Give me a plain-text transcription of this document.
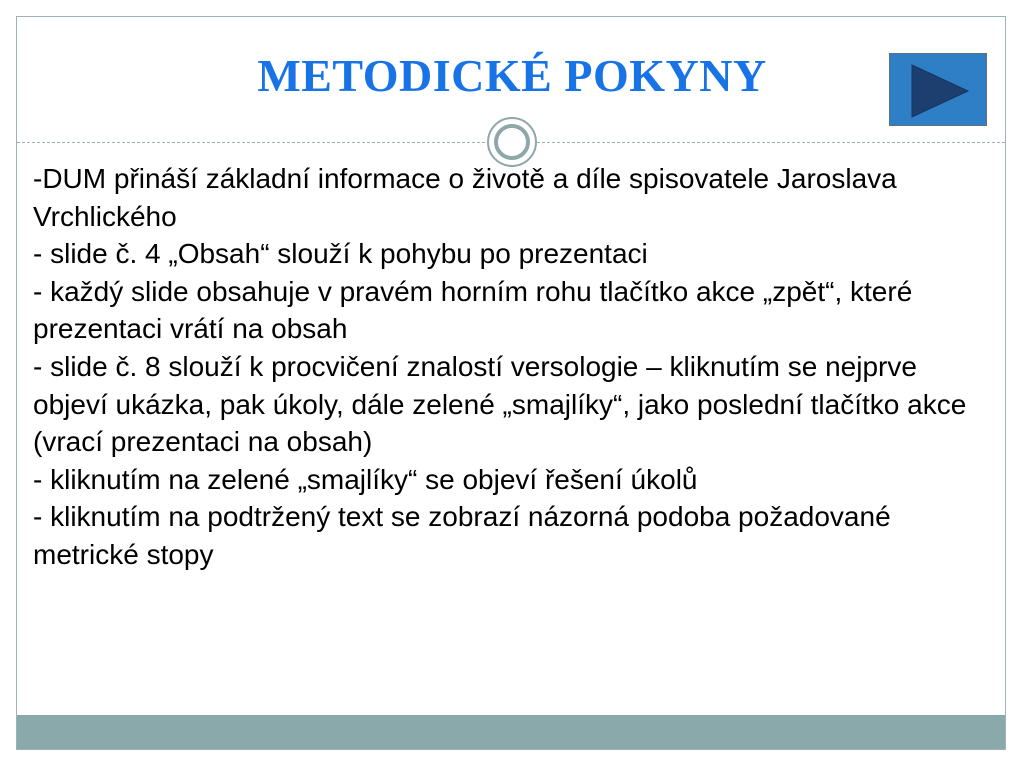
METODICKÉ POKYNY

-DUM přináší základní informace o životě a díle spisovatele Jaroslava Vrchlického

- slide č. 4 „Obsah“ slouží k pohybu po prezentaci

- každý slide obsahuje v pravém horním rohu tlačítko akce „zpět“, které prezentaci vrátí na obsah

- slide č. 8 slouží k procvičení znalostí versologie – kliknutím se nejprve objeví ukázka, pak úkoly, dále zelené „smajlíky“, jako poslední tlačítko akce (vrací prezentaci na obsah)

- kliknutím na zelené „smajlíky“ se objeví řešení úkolů

- kliknutím na podtržený text se zobrazí názorná podoba požadované metrické stopy
